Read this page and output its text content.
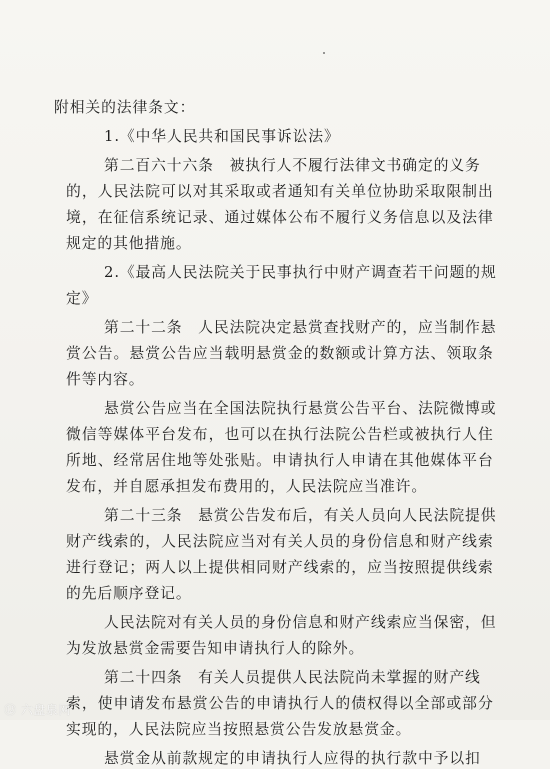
附相关的法律条文：
1.《中华人民共和国民事诉讼法》
第二百六十六条　被执行人不履行法律文书确定的义务
的，人民法院可以对其采取或者通知有关单位协助采取限制出
境，在征信系统记录、通过媒体公布不履行义务信息以及法律
规定的其他措施。
2.《最高人民法院关于民事执行中财产调查若干问题的规
定》
第二十二条　人民法院决定悬赏查找财产的，应当制作悬
赏公告。悬赏公告应当载明悬赏金的数额或计算方法、领取条
件等内容。
悬赏公告应当在全国法院执行悬赏公告平台、法院微博或
微信等媒体平台发布，也可以在执行法院公告栏或被执行人住
所地、经常居住地等处张贴。申请执行人申请在其他媒体平台
发布，并自愿承担发布费用的，人民法院应当准许。
第二十三条　悬赏公告发布后，有关人员向人民法院提供
财产线索的，人民法院应当对有关人员的身份信息和财产线索
进行登记；两人以上提供相同财产线索的，应当按照提供线索
的先后顺序登记。
人民法院对有关人员的身份信息和财产线索应当保密，但
为发放悬赏金需要告知申请执行人的除外。
第二十四条　有关人员提供人民法院尚未掌握的财产线
索，使申请发布悬赏公告的申请执行人的债权得以全部或部分
实现的，人民法院应当按照悬赏公告发放悬赏金。
悬赏金从前款规定的申请执行人应得的执行款中予以扣
⑫ 六盘泉网
